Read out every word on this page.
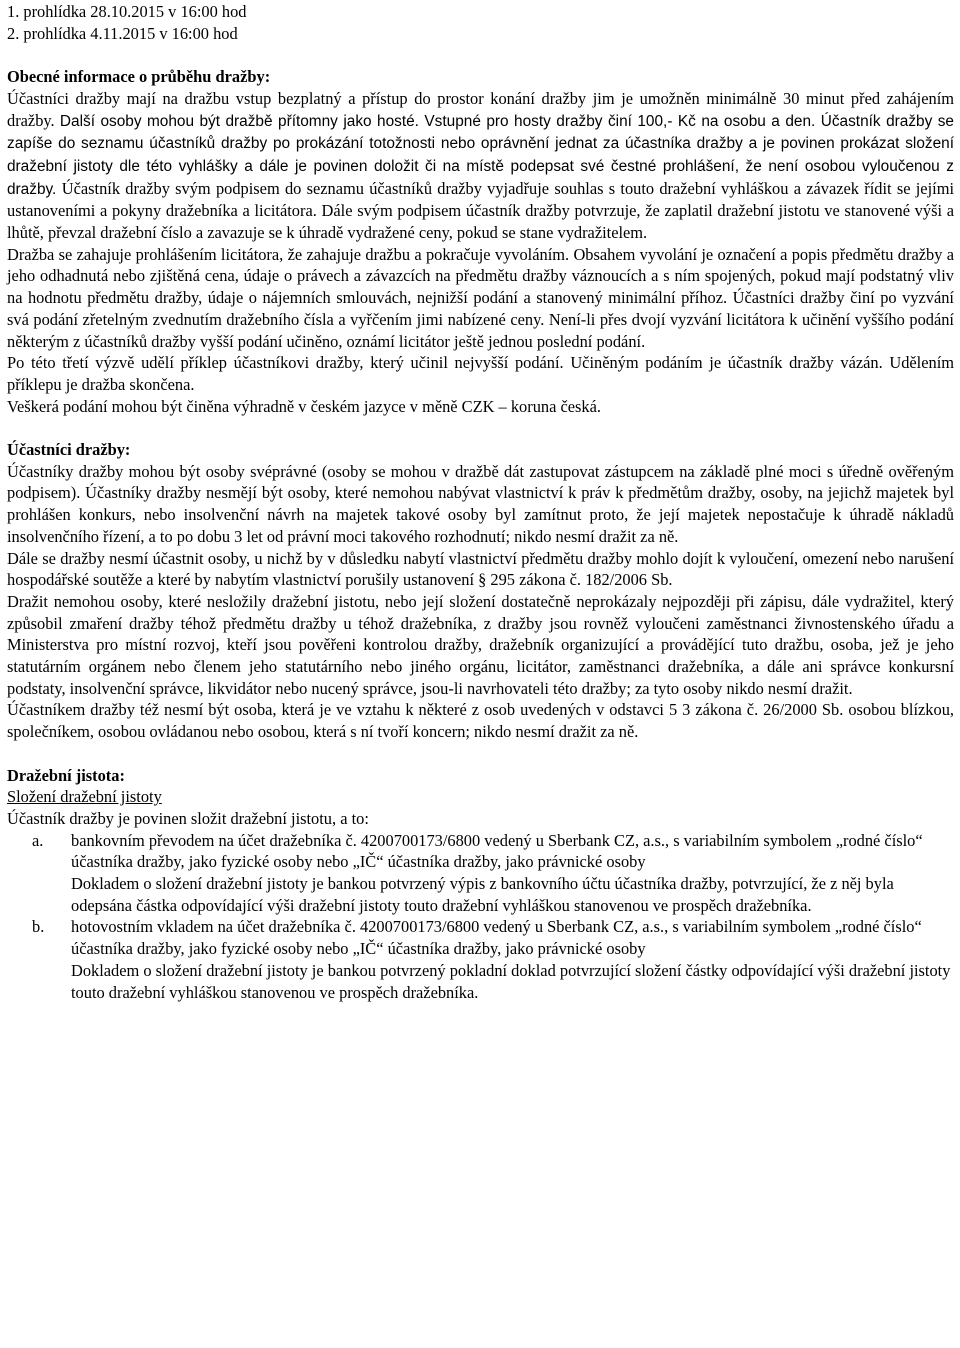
1. prohlídka 28.10.2015 v 16:00 hod
2. prohlídka 4.11.2015 v 16:00 hod
Obecné informace o průběhu dražby:

Účastníci dražby mají na dražbu vstup bezplatný a přístup do prostor konání dražby jim je umožněn minimálně 30 minut před zahájením dražby. Další osoby mohou být dražbě přítomny jako hosté. Vstupné pro hosty dražby činí 100,- Kč na osobu a den. Účastník dražby se zapíše do seznamu účastníků dražby po prokázání totožnosti nebo oprávnění jednat za účastníka dražby a je povinen prokázat složení dražební jistoty dle této vyhlášky a dále je povinen doložit či na místě podepsat své čestné prohlášení, že není osobou vyloučenou z dražby. Účastník dražby svým podpisem do seznamu účastníků dražby vyjadřuje souhlas s touto dražební vyhláškou a závazek řídit se jejími ustanoveními a pokyny dražebníka a licitátora. Dále svým podpisem účastník dražby potvrzuje, že zaplatil dražební jistotu ve stanovené výši a lhůtě, převzal dražební číslo a zavazuje se k úhradě vydražené ceny, pokud se stane vydražitelem.

Dražba se zahajuje prohlášením licitátora, že zahajuje dražbu a pokračuje vyvoláním. Obsahem vyvolání je označení a popis předmětu dražby a jeho odhadnutá nebo zjištěná cena, údaje o právech a závazcích na předmětu dražby váznoucích a s ním spojených, pokud mají podstatný vliv na hodnotu předmětu dražby, údaje o nájemních smlouvách, nejnižší podání a stanovený minimální příhoz. Účastníci dražby činí po vyzvání svá podání zřetelným zvednutím dražebního čísla a vyřčením jimi nabízené ceny. Není-li přes dvojí vyzvání licitátora k učinění vyššího podání některým z účastníků dražby vyšší podání učiněno, oznámí licitátor ještě jednou poslední podání.

Po této třetí výzvě udělí příklep účastníkovi dražby, který učinil nejvyšší podání. Učiněným podáním je účastník dražby vázán. Udělením příklepu je dražba skončena.

Veškerá podání mohou být činěna výhradně v českém jazyce v měně CZK – koruna česká.

Účastníci dražby:

Účastníky dražby mohou být osoby svéprávné (osoby se mohou v dražbě dát zastupovat zástupcem na základě plné moci s úředně ověřeným podpisem). Účastníky dražby nesmějí být osoby, které nemohou nabývat vlastnictví k práv k předmětům dražby, osoby, na jejichž majetek byl prohlášen konkurs, nebo insolvenční návrh na majetek takové osoby byl zamítnut proto, že její majetek nepostačuje k úhradě nákladů insolvenčního řízení, a to po dobu 3 let od právní moci takového rozhodnutí; nikdo nesmí dražit za ně.

Dále se dražby nesmí účastnit osoby, u nichž by v důsledku nabytí vlastnictví předmětu dražby mohlo dojít k vyloučení, omezení nebo narušení hospodářské soutěže a které by nabytím vlastnictví porušily ustanovení § 295 zákona č. 182/2006 Sb.

Dražit nemohou osoby, které nesložily dražební jistotu, nebo její složení dostatečně neprokázaly nejpozději při zápisu, dále vydražitel, který způsobil zmaření dražby téhož předmětu dražby u téhož dražebníka, z dražby jsou rovněž vyloučeni zaměstnanci živnostenského úřadu a Ministerstva pro místní rozvoj, kteří jsou pověřeni kontrolou dražby, dražebník organizující a provádějící tuto dražbu, osoba, jež je jeho statutárním orgánem nebo členem jeho statutárního nebo jiného orgánu, licitátor, zaměstnanci dražebníka, a dále ani správce konkursní podstaty, insolvenční správce, likvidátor nebo nucený správce, jsou-li navrhovateli této dražby; za tyto osoby nikdo nesmí dražit.

Účastníkem dražby též nesmí být osoba, která je ve vztahu k některé z osob uvedených v odstavci 5 3 zákona č. 26/2000 Sb. osobou blízkou, společníkem, osobou ovládanou nebo osobou, která s ní tvoří koncern; nikdo nesmí dražit za ně.

Dražební jistota:
Složení dražební jistoty
Účastník dražby je povinen složit dražební jistotu, a to:
a. bankovním převodem na účet dražebníka č. 4200700173/6800 vedený u Sberbank CZ, a.s., s variabilním symbolem „rodné číslo“ účastníka dražby, jako fyzické osoby nebo „IČ“ účastníka dražby, jako právnické osoby
Dokladem o složení dražební jistoty je bankou potvrzený výpis z bankovního účtu účastníka dražby, potvrzující, že z něj byla odepsána částka odpovídající výši dražební jistoty touto dražební vyhláškou stanovenou ve prospěch dražebníka.
b. hotovostním vkladem na účet dražebníka č. 4200700173/6800 vedený u Sberbank CZ, a.s., s variabilním symbolem „rodné číslo“ účastníka dražby, jako fyzické osoby nebo „IČ“ účastníka dražby, jako právnické osoby
Dokladem o složení dražební jistoty je bankou potvrzený pokladní doklad potvrzující složení částky odpovídající výši dražební jistoty touto dražební vyhláškou stanovenou ve prospěch dražebníka.
